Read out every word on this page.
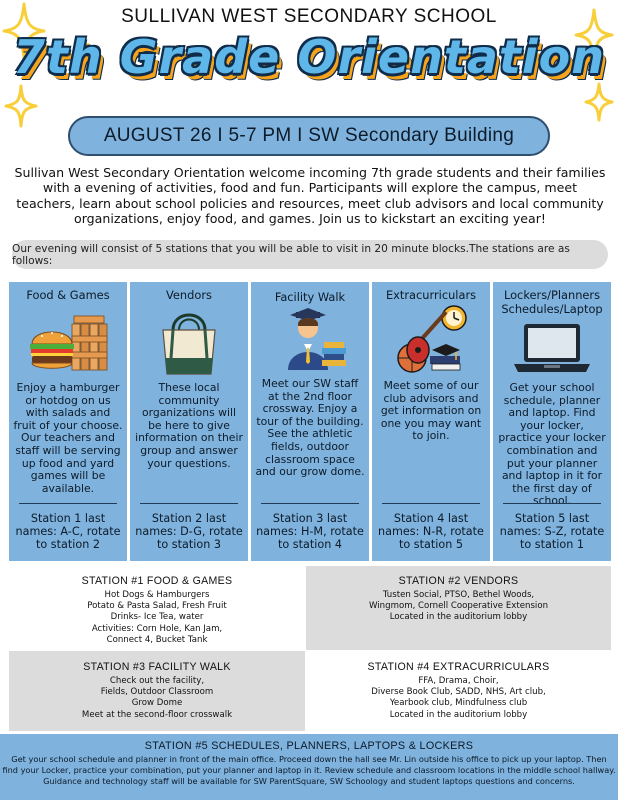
SULLIVAN WEST SECONDARY SCHOOL
7th Grade Orientation
AUGUST 26 I 5-7 PM I SW Secondary Building

Sullivan West Secondary Orientation welcome incoming 7th grade students and their families with a evening of activities, food and fun. Participants will explore the campus, meet teachers, learn about school policies and resources, meet club advisors and local community organizations, enjoy food, and games. Join us to kickstart an exciting year!

Our evening will consist of 5 stations that you will be able to visit in 20 minute blocks.The stations are as follows:
Food & Games
Enjoy a hamburger or hotdog on us with salads and fruit of your choose. Our teachers and staff will be serving up food and yard games will be available.
Station 1 last names: A-C, rotate to station 2
Vendors
These local community organizations will be here to give information on their group and answer your questions.
Station 2 last names: D-G, rotate to station 3
Facility Walk
Meet our SW staff at the 2nd floor crossway. Enjoy a tour of the building. See the athletic fields, outdoor classroom space and our grow dome.
Station 3 last names: H-M, rotate to station 4
Extracurriculars
Meet some of our club advisors and get information on one you may want to join.
Station 4 last names: N-R, rotate to station 5
Lockers/Planners Schedules/Laptop
Get your school schedule, planner and laptop. Find your locker, practice your locker combination and put your planner and laptop in it for the first day of school.
Station 5 last names: S-Z, rotate to station 1
STATION #1 FOOD & GAMES
Hot Dogs & Hamburgers
Potato & Pasta Salad, Fresh Fruit
Drinks- Ice Tea, water
Activities: Corn Hole, Kan Jam,
Connect 4, Bucket Tank
STATION #2 VENDORS
Tusten Social, PTSO, Bethel Woods,
Wingmom, Cornell Cooperative Extension
Located in the auditorium lobby
STATION #3 FACILITY WALK
Check out the facility,
Fields, Outdoor Classroom
Grow Dome
Meet at the second-floor crosswalk
STATION #4 EXTRACURRICULARS
FFA, Drama, Choir,
Diverse Book Club, SADD, NHS, Art club,
Yearbook club, Mindfulness club
Located in the auditorium lobby
STATION #5 SCHEDULES, PLANNERS, LAPTOPS & LOCKERS
Get your school schedule and planner in front of the main office. Proceed down the hall see Mr. Lin outside his office to pick up your laptop. Then
find your Locker, practice your combination, put your planner and laptop in it. Review schedule and classroom locations in the middle school hallway.
Guidance and technology staff will be available for SW ParentSquare, SW Schoology and student laptops questions and concerns.
